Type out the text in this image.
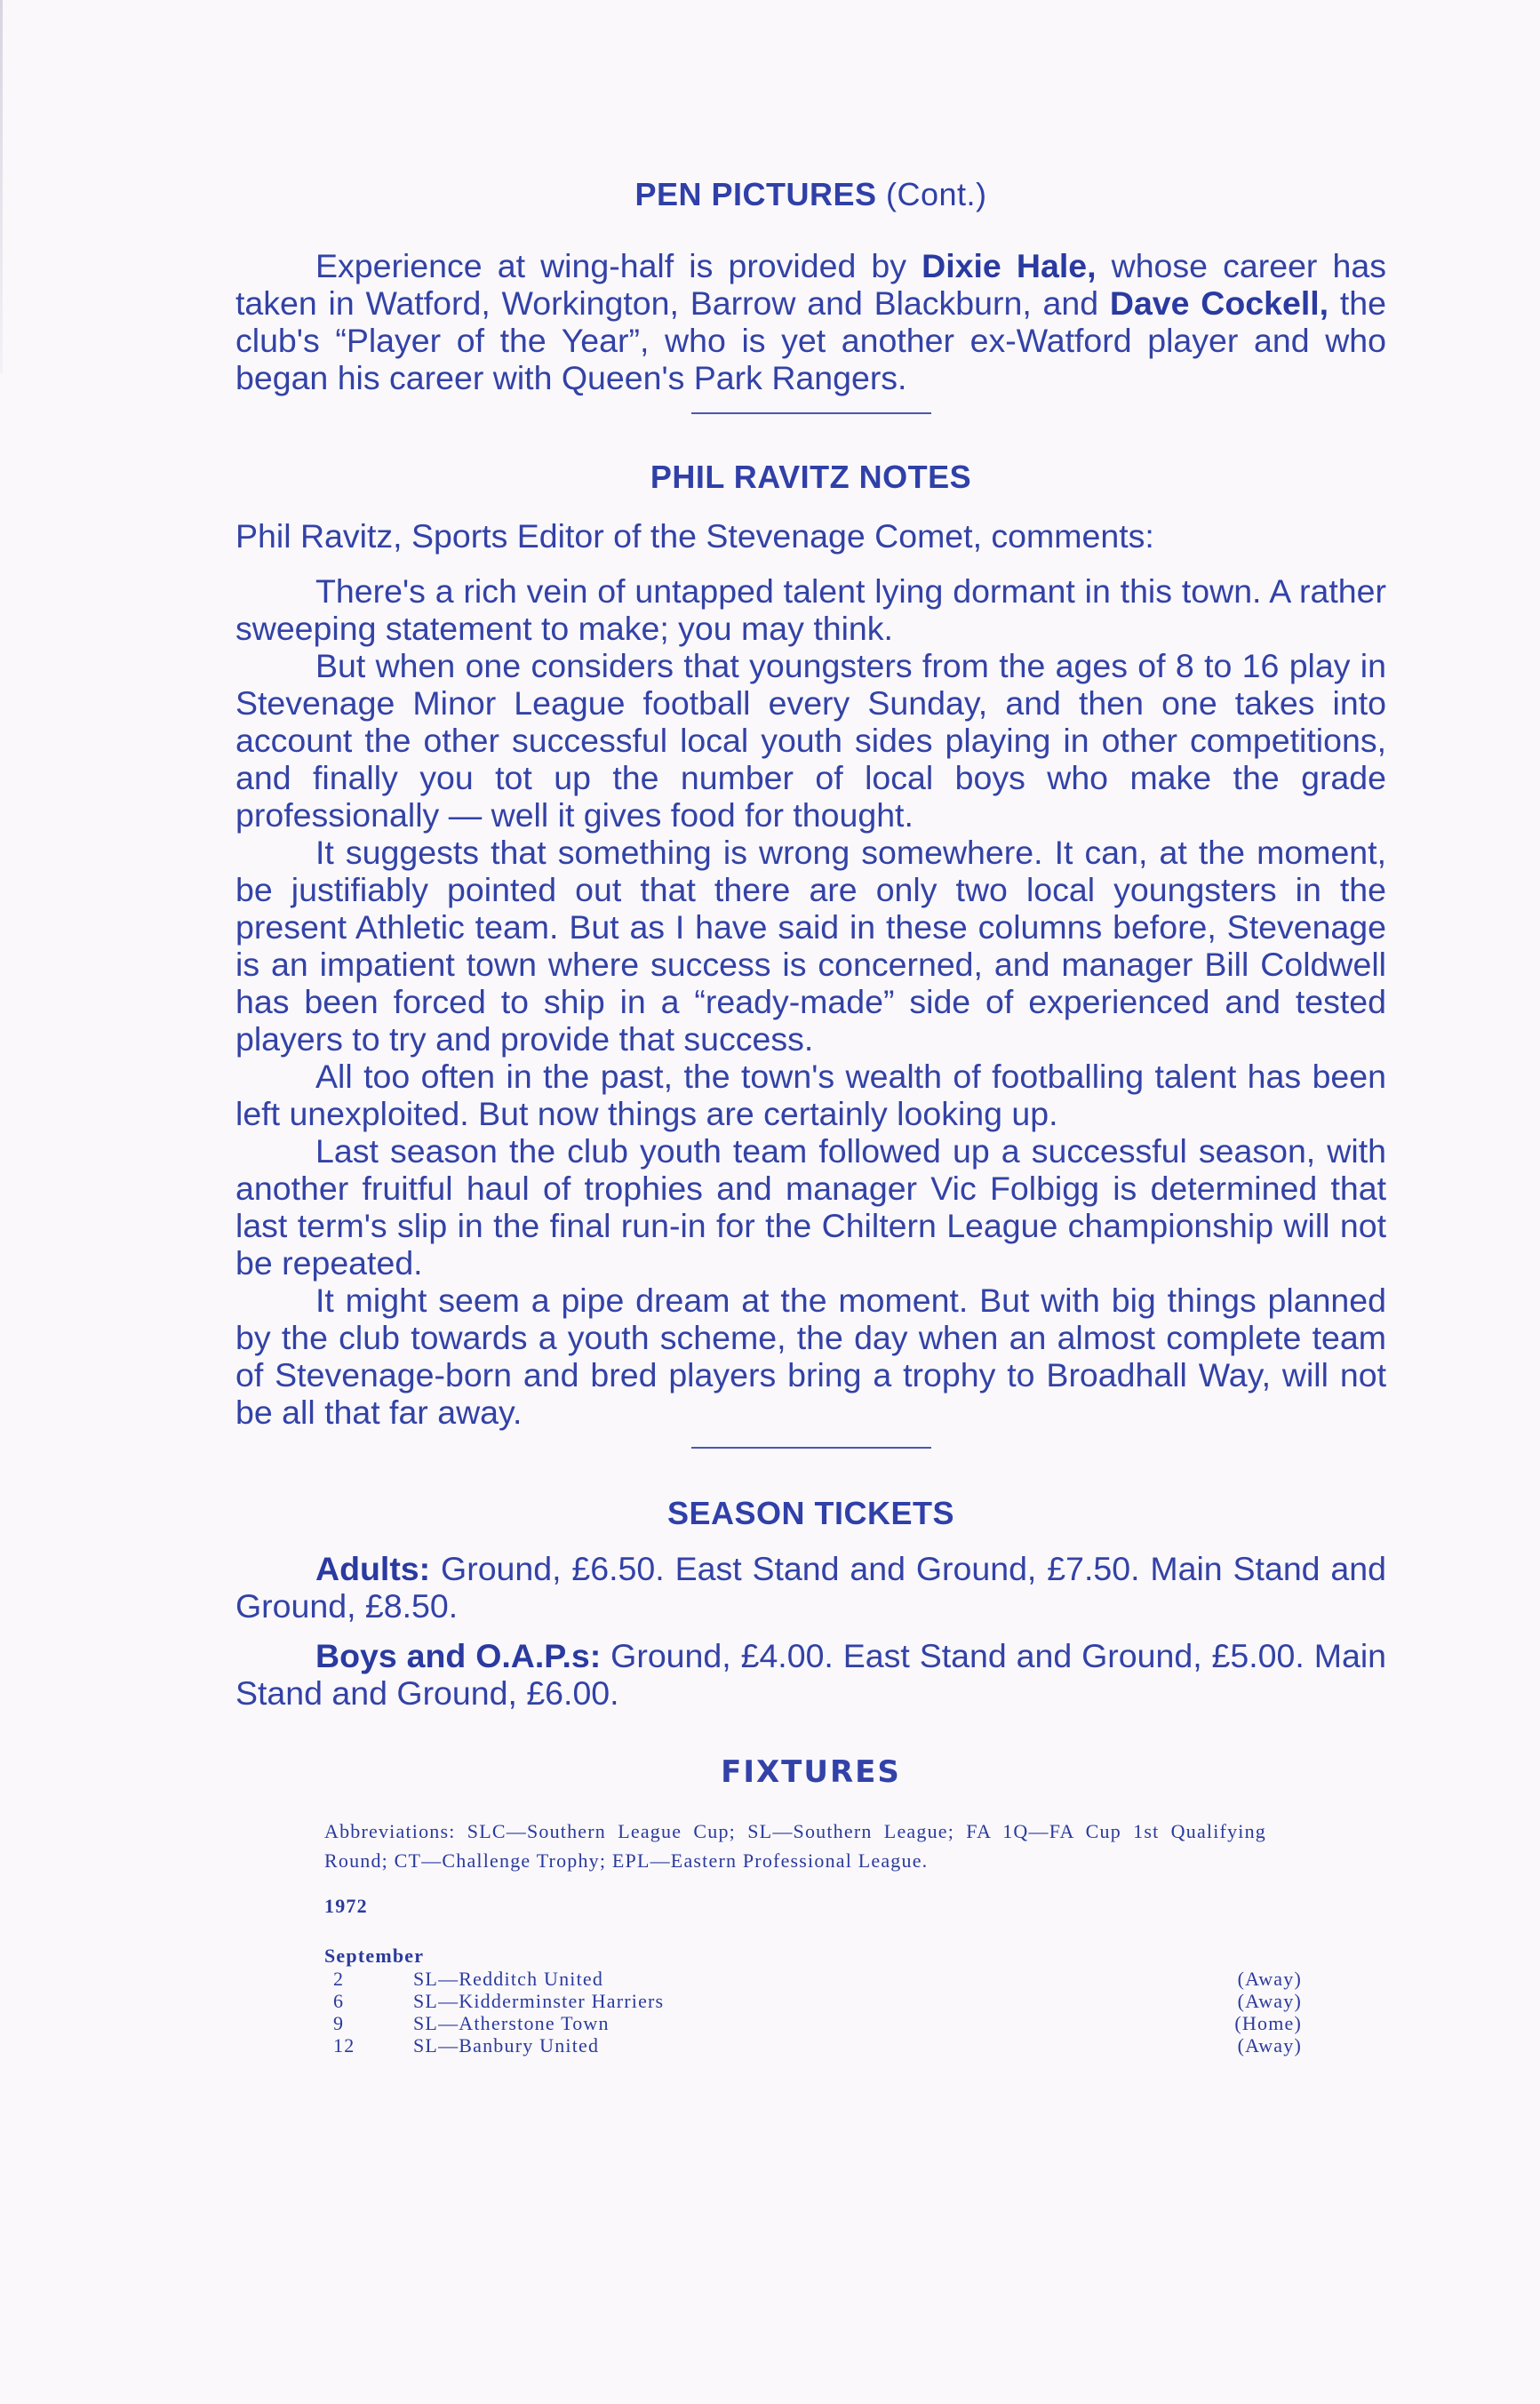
PEN PICTURES (Cont.)

Experience at wing-half is provided by Dixie Hale, whose career has taken in Watford, Workington, Barrow and Blackburn, and Dave Cockell, the club's “Player of the Year”, who is yet another ex-Watford player and who began his career with Queen's Park Rangers.

PHIL RAVITZ NOTES

Phil Ravitz, Sports Editor of the Stevenage Comet, comments:

There's a rich vein of untapped talent lying dormant in this town. A rather sweeping statement to make; you may think.

But when one considers that youngsters from the ages of 8 to 16 play in Stevenage Minor League football every Sunday, and then one takes into account the other successful local youth sides playing in other competitions, and finally you tot up the number of local boys who make the grade professionally — well it gives food for thought.

It suggests that something is wrong somewhere. It can, at the moment, be justifiably pointed out that there are only two local youngsters in the present Athletic team. But as I have said in these columns before, Stevenage is an impatient town where success is concerned, and manager Bill Coldwell has been forced to ship in a “ready-made” side of experienced and tested players to try and provide that success.

All too often in the past, the town's wealth of footballing talent has been left unexploited. But now things are certainly looking up.

Last season the club youth team followed up a successful season, with another fruitful haul of trophies and manager Vic Folbigg is determined that last term's slip in the final run-in for the Chiltern League championship will not be repeated.

It might seem a pipe dream at the moment. But with big things planned by the club towards a youth scheme, the day when an almost complete team of Stevenage-born and bred players bring a trophy to Broadhall Way, will not be all that far away.

SEASON TICKETS

Adults: Ground, £6.50. East Stand and Ground, £7.50. Main Stand and Ground, £8.50.

Boys and O.A.P.s: Ground, £4.00. East Stand and Ground, £5.00. Main Stand and Ground, £6.00.

FIXTURES

Abbreviations: SLC—Southern League Cup; SL—Southern League; FA 1Q—FA Cup 1st Qualifying Round; CT—Challenge Trophy; EPL—Eastern Professional League.

1972

September

2	SL—Redditch United	(Away)
6	SL—Kidderminster Harriers	(Away)
9	SL—Atherstone Town	(Home)
12	SL—Banbury United	(Away)
